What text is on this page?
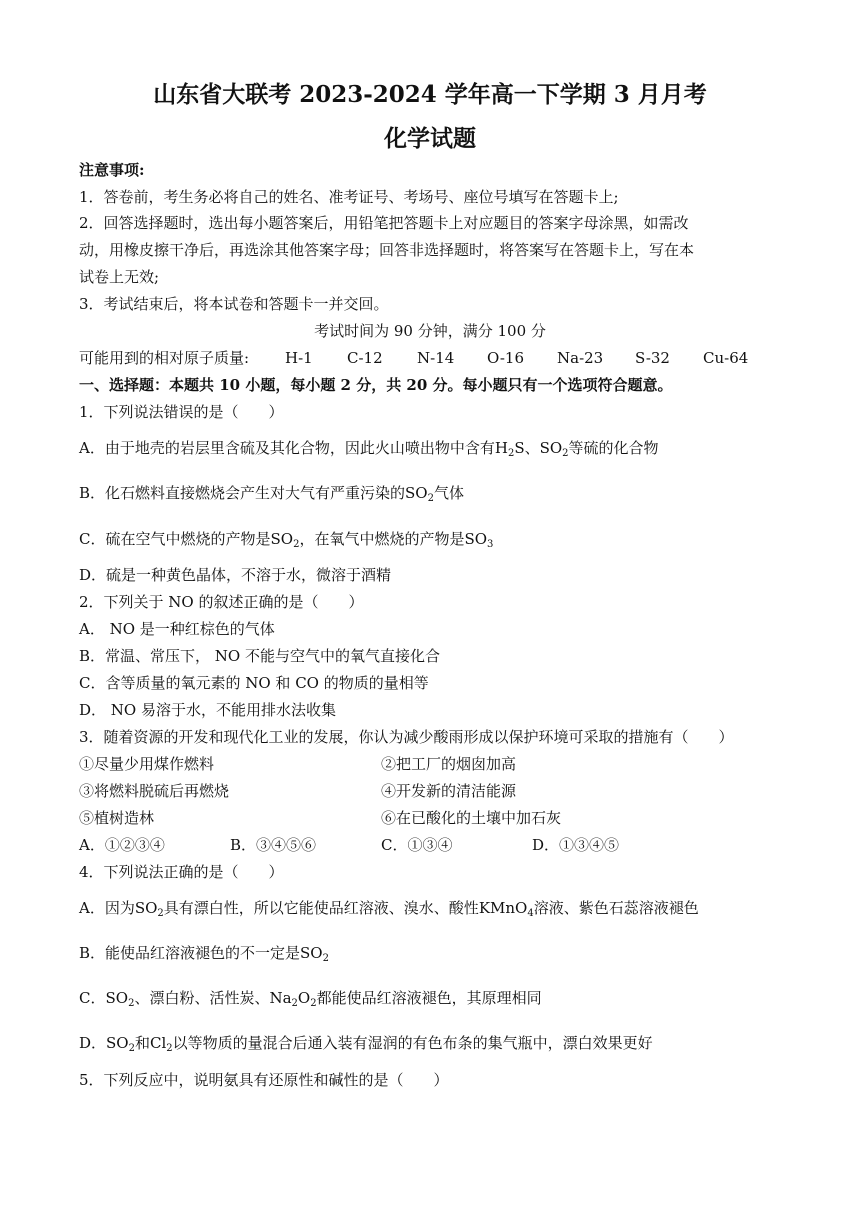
山东省大联考 2023-2024 学年高一下学期 3 月月考
化学试题
注意事项:
1．答卷前，考生务必将自己的姓名、准考证号、考场号、座位号填写在答题卡上;
2．回答选择题时，选出每小题答案后，用铅笔把答题卡上对应题目的答案字母涂黑，如需改
动，用橡皮擦干净后，再选涂其他答案字母；回答非选择题时，将答案写在答题卡上，写在本
试卷上无效;
3．考试结束后，将本试卷和答题卡一并交回。
考试时间为 90 分钟，满分 100 分
可能用到的相对原子质量:	H-1	C-12	N-14	O-16	Na-23	S-32	Cu-64
一、选择题：本题共 10 小题，每小题 2 分，共 20 分。每小题只有一个选项符合题意。
1．下列说法错误的是（　　）
A．由于地壳的岩层里含硫及其化合物，因此火山喷出物中含有$H_2S$、$SO_2$等硫的化合物
B．化石燃料直接燃烧会产生对大气有严重污染的$SO_2$气体
C．硫在空气中燃烧的产物是$SO_2$，在氧气中燃烧的产物是$SO_3$
D．硫是一种黄色晶体，不溶于水，微溶于酒精
2．下列关于 NO 的叙述正确的是（　　）
A． NO 是一种红棕色的气体
B．常温、常压下， NO 不能与空气中的氧气直接化合
C．含等质量的氧元素的 NO 和 CO 的物质的量相等
D． NO 易溶于水，不能用排水法收集
3．随着资源的开发和现代化工业的发展，你认为减少酸雨形成以保护环境可采取的措施有（　　）
①尽量少用煤作燃料	②把工厂的烟囱加高
③将燃料脱硫后再燃烧	④开发新的清洁能源
⑤植树造林	⑥在已酸化的土壤中加石灰
A．①②③④	B．③④⑤⑥	C．①③④	D．①③④⑤
4．下列说法正确的是（　　）
A．因为$SO_2$具有漂白性，所以它能使品红溶液、溴水、酸性KMnO$_4$溶液、紫色石蕊溶液褪色
B．能使品红溶液褪色的不一定是$SO_2$
C．$SO_2$、漂白粉、活性炭、$Na_2O_2$都能使品红溶液褪色，其原理相同
D．$SO_2$和$Cl_2$以等物质的量混合后通入装有湿润的有色布条的集气瓶中，漂白效果更好
5．下列反应中，说明氨具有还原性和碱性的是（　　）
